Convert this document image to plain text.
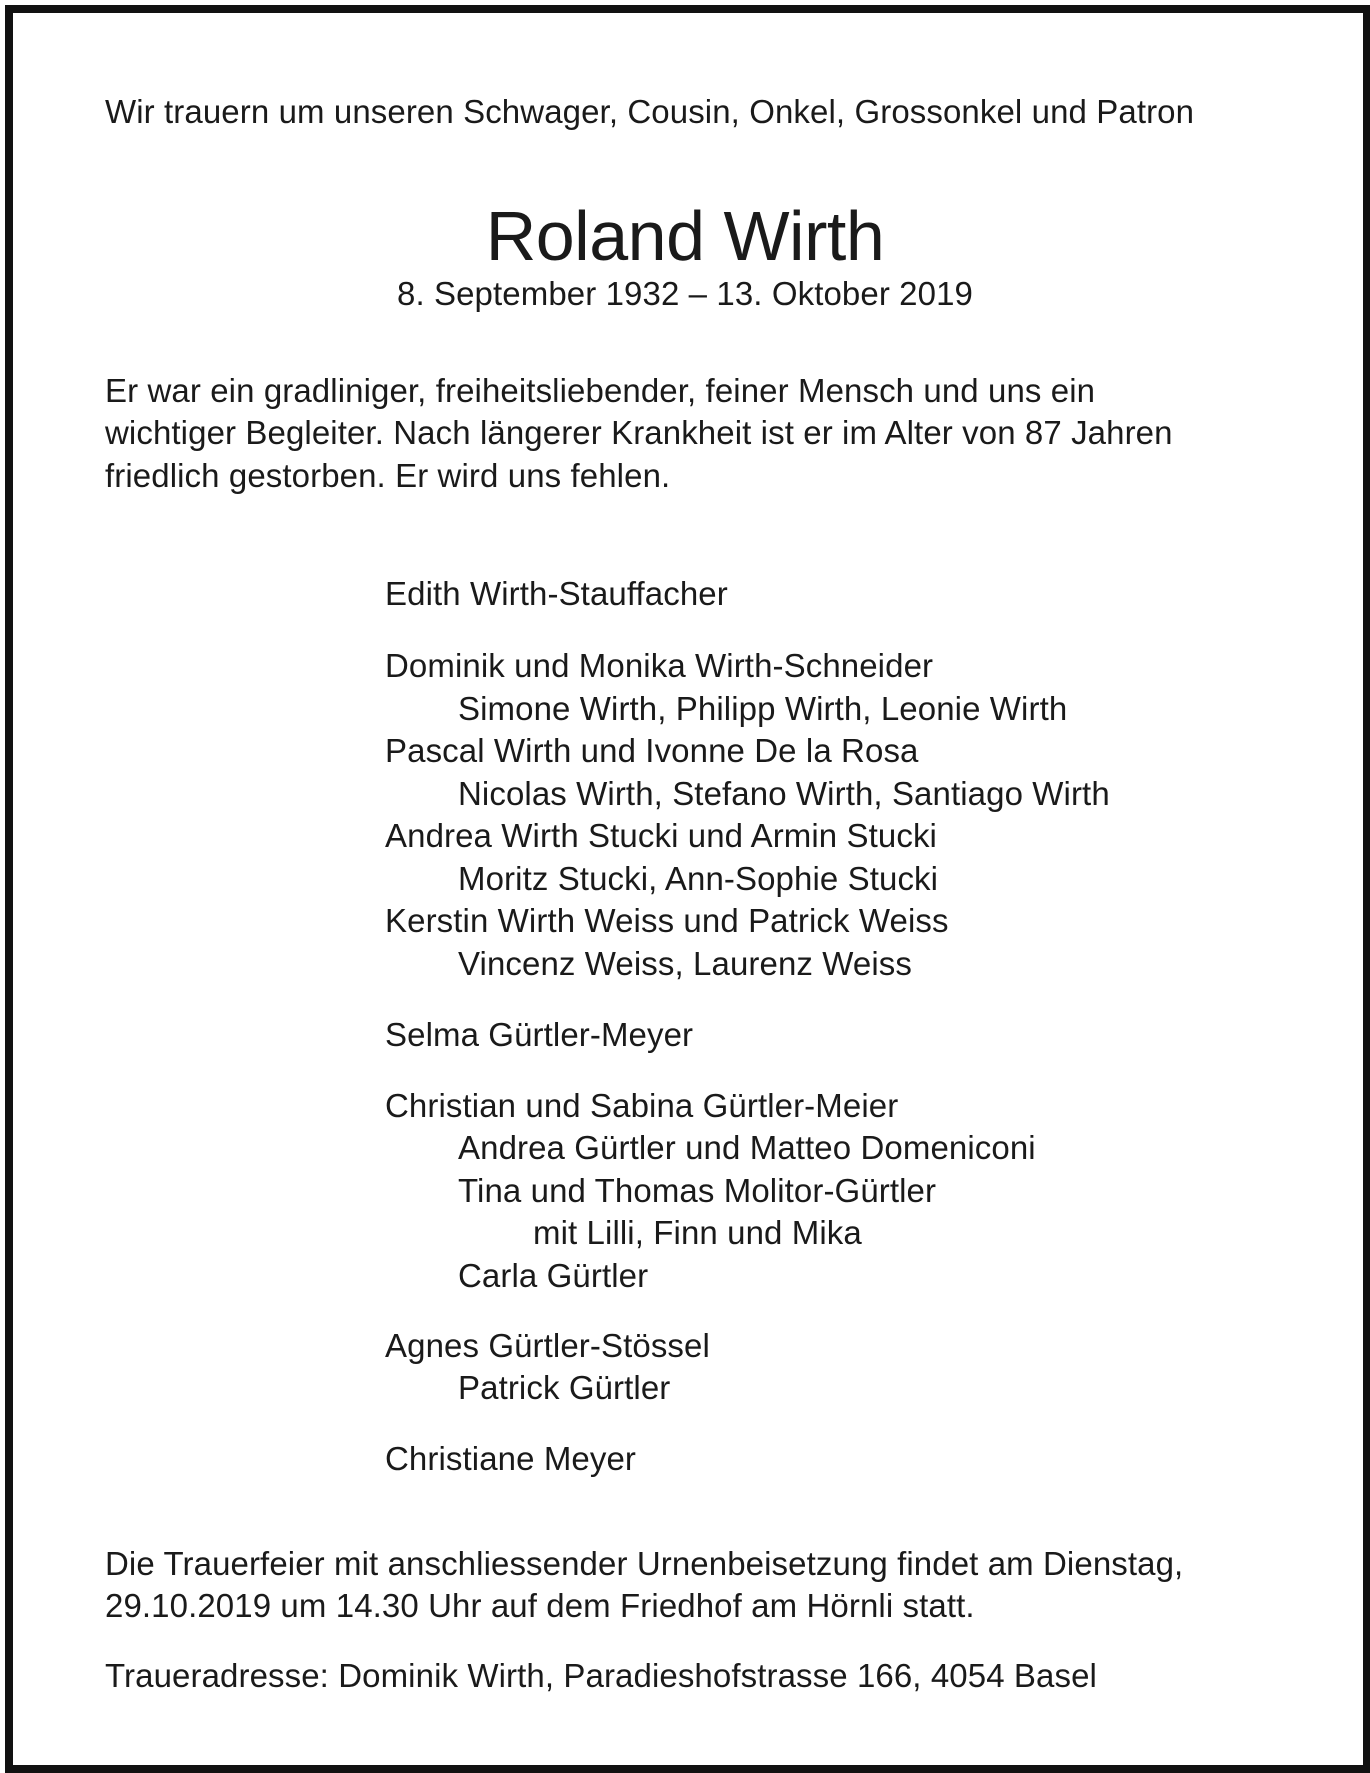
Wir trauern um unseren Schwager, Cousin, Onkel, Grossonkel und Patron
Roland Wirth
8. September 1932 – 13. Oktober 2019
Er war ein gradliniger, freiheitsliebender, feiner Mensch und uns ein
wichtiger Begleiter. Nach längerer Krankheit ist er im Alter von 87 Jahren
friedlich gestorben. Er wird uns fehlen.
Edith Wirth-Stauffacher
Dominik und Monika Wirth-Schneider
Simone Wirth, Philipp Wirth, Leonie Wirth
Pascal Wirth und Ivonne De la Rosa
Nicolas Wirth, Stefano Wirth, Santiago Wirth
Andrea Wirth Stucki und Armin Stucki
Moritz Stucki, Ann-Sophie Stucki
Kerstin Wirth Weiss und Patrick Weiss
Vincenz Weiss, Laurenz Weiss
Selma Gürtler-Meyer
Christian und Sabina Gürtler-Meier
Andrea Gürtler und Matteo Domeniconi
Tina und Thomas Molitor-Gürtler
mit Lilli, Finn und Mika
Carla Gürtler
Agnes Gürtler-Stössel
Patrick Gürtler
Christiane Meyer
Die Trauerfeier mit anschliessender Urnenbeisetzung findet am Dienstag,
29.10.2019 um 14.30 Uhr auf dem Friedhof am Hörnli statt.
Traueradresse: Dominik Wirth, Paradieshofstrasse 166, 4054 Basel
